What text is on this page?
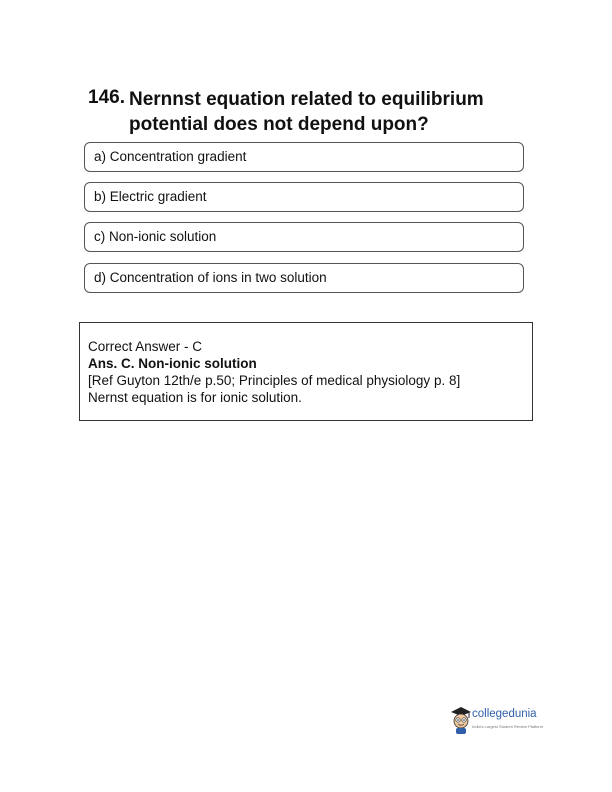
146. Nernnst equation related to equilibrium potential does not depend upon?
a) Concentration gradient
b) Electric gradient
c) Non-ionic solution
d) Concentration of ions in two solution
Correct Answer - C
Ans. C. Non-ionic solution
[Ref Guyton 12th/e p.50; Principles of medical physiology p. 8]
Nernst equation is for ionic solution.
collegedunia
India's Largest Student Review Platform
